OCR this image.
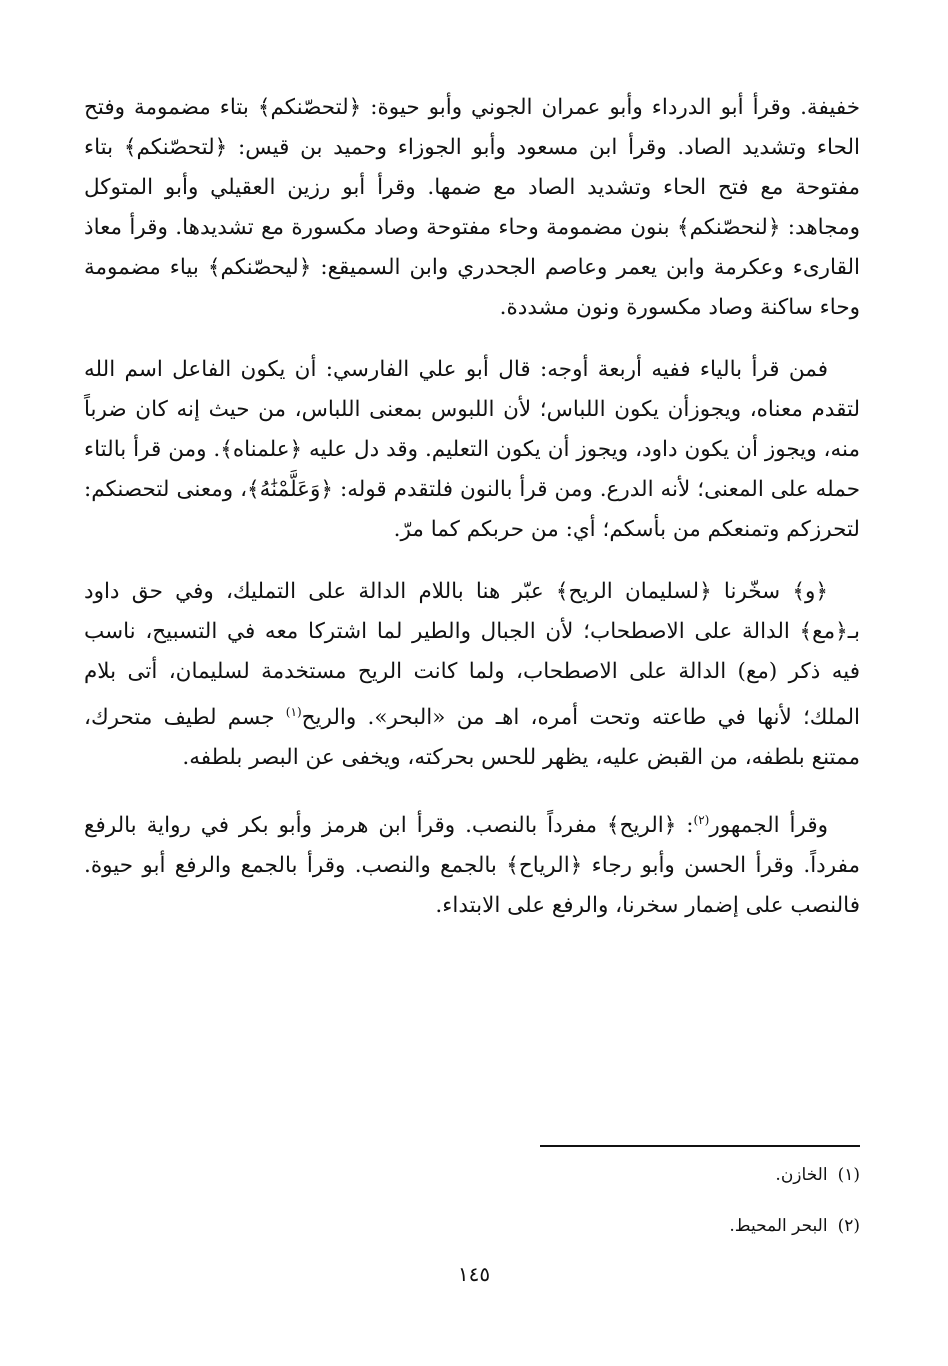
خفيفة. وقرأ أبو الدرداء وأبو عمران الجوني وأبو حيوة: ﴿لتحصّنكم﴾ بتاء مضمومة وفتح الحاء وتشديد الصاد. وقرأ ابن مسعود وأبو الجوزاء وحميد بن قيس: ﴿لتحصّنكم﴾ بتاء مفتوحة مع فتح الحاء وتشديد الصاد مع ضمها. وقرأ أبو رزين العقيلي وأبو المتوكل ومجاهد: ﴿لنحصّنكم﴾ بنون مضمومة وحاء مفتوحة وصاد مكسورة مع تشديدها. وقرأ معاذ القارىء وعكرمة وابن يعمر وعاصم الجحدري وابن السميقع: ﴿ليحصّنكم﴾ بياء مضمومة وحاء ساكنة وصاد مكسورة ونون مشددة.

فمن قرأ بالياء ففيه أربعة أوجه: قال أبو علي الفارسي: أن يكون الفاعل اسم الله لتقدم معناه، ويجوزأن يكون اللباس؛ لأن اللبوس بمعنى اللباس، من حيث إنه كان ضرباً منه، ويجوز أن يكون داود، ويجوز أن يكون التعليم. وقد دل عليه ﴿علمناه﴾. ومن قرأ بالتاء حمله على المعنى؛ لأنه الدرع. ومن قرأ بالنون فلتقدم قوله: ﴿وَعَلَّمْنَٰهُ﴾، ومعنى لتحصنكم: لتحرزكم وتمنعكم من بأسكم؛ أي: من حربكم كما مرّ.

﴿و﴾ سخّرنا ﴿لسليمان الريح﴾ عبّر هنا باللام الدالة على التمليك، وفي حق داود بـ﴿مع﴾ الدالة على الاصطحاب؛ لأن الجبال والطير لما اشتركا معه في التسبيح، ناسب فيه ذكر (مع) الدالة على الاصطحاب، ولما كانت الريح مستخدمة لسليمان، أتى بلام الملك؛ لأنها في طاعته وتحت أمره، اهـ من «البحر». والريح$^{(١)}$ جسم لطيف متحرك، ممتنع بلطفه، من القبض عليه، يظهر للحس بحركته، ويخفى عن البصر بلطفه.

وقرأ الجمهور$^{(٢)}$: ﴿الريح﴾ مفرداً بالنصب. وقرأ ابن هرمز وأبو بكر في رواية بالرفع مفرداً. وقرأ الحسن وأبو رجاء ﴿الرياح﴾ بالجمع والنصب. وقرأ بالجمع والرفع أبو حيوة. فالنصب على إضمار سخرنا، والرفع على الابتداء.

(١)الخازن.

(٢)البحر المحيط.

١٤٥
